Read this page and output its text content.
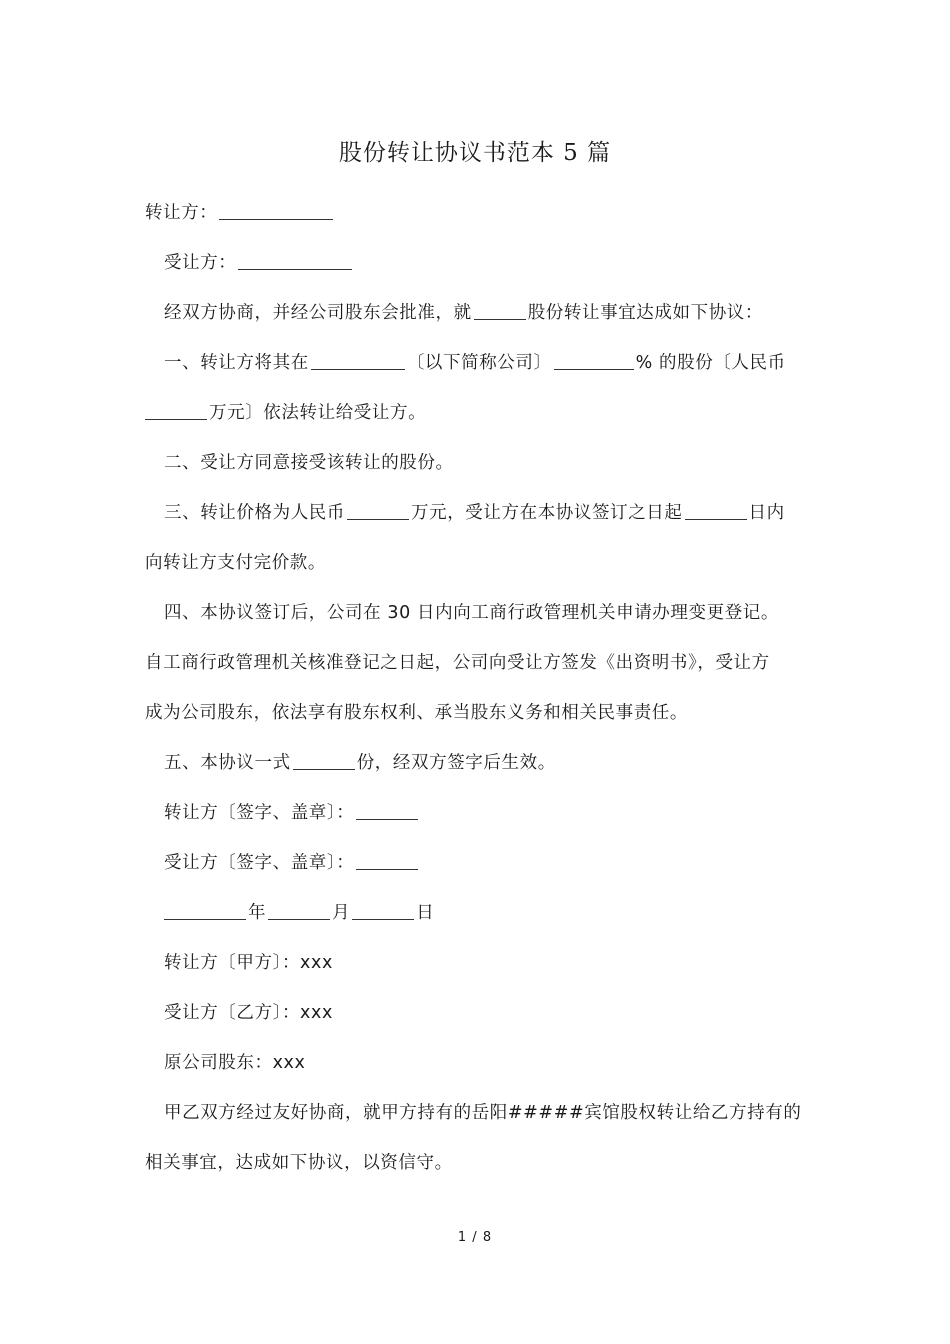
股份转让协议书范本 5 篇
转让方：
受让方：
经双方协商，并经公司股东会批准，就	股份转让事宜达成如下协议：
一、转让方将其在	〔以下简称公司〕	% 的股份〔人民币
万元〕依法转让给受让方。
二、受让方同意接受该转让的股份。
三、转让价格为人民币	万元，受让方在本协议签订之日起	日内
向转让方支付完价款。
四、本协议签订后，公司在 30 日内向工商行政管理机关申请办理变更登记。
自工商行政管理机关核准登记之日起，公司向受让方签发《出资明书》，受让方
成为公司股东，依法享有股东权利、承当股东义务和相关民事责任。
五、本协议一式	份，经双方签字后生效。
转让方〔签字、盖章〕：
受让方〔签字、盖章〕：
年	月	日
转让方〔甲方〕：xxx
受让方〔乙方〕：xxx
原公司股东：xxx
甲乙双方经过友好协商，就甲方持有的岳阳#####宾馆股权转让给乙方持有的
相关事宜，达成如下协议，以资信守。
1 / 8
